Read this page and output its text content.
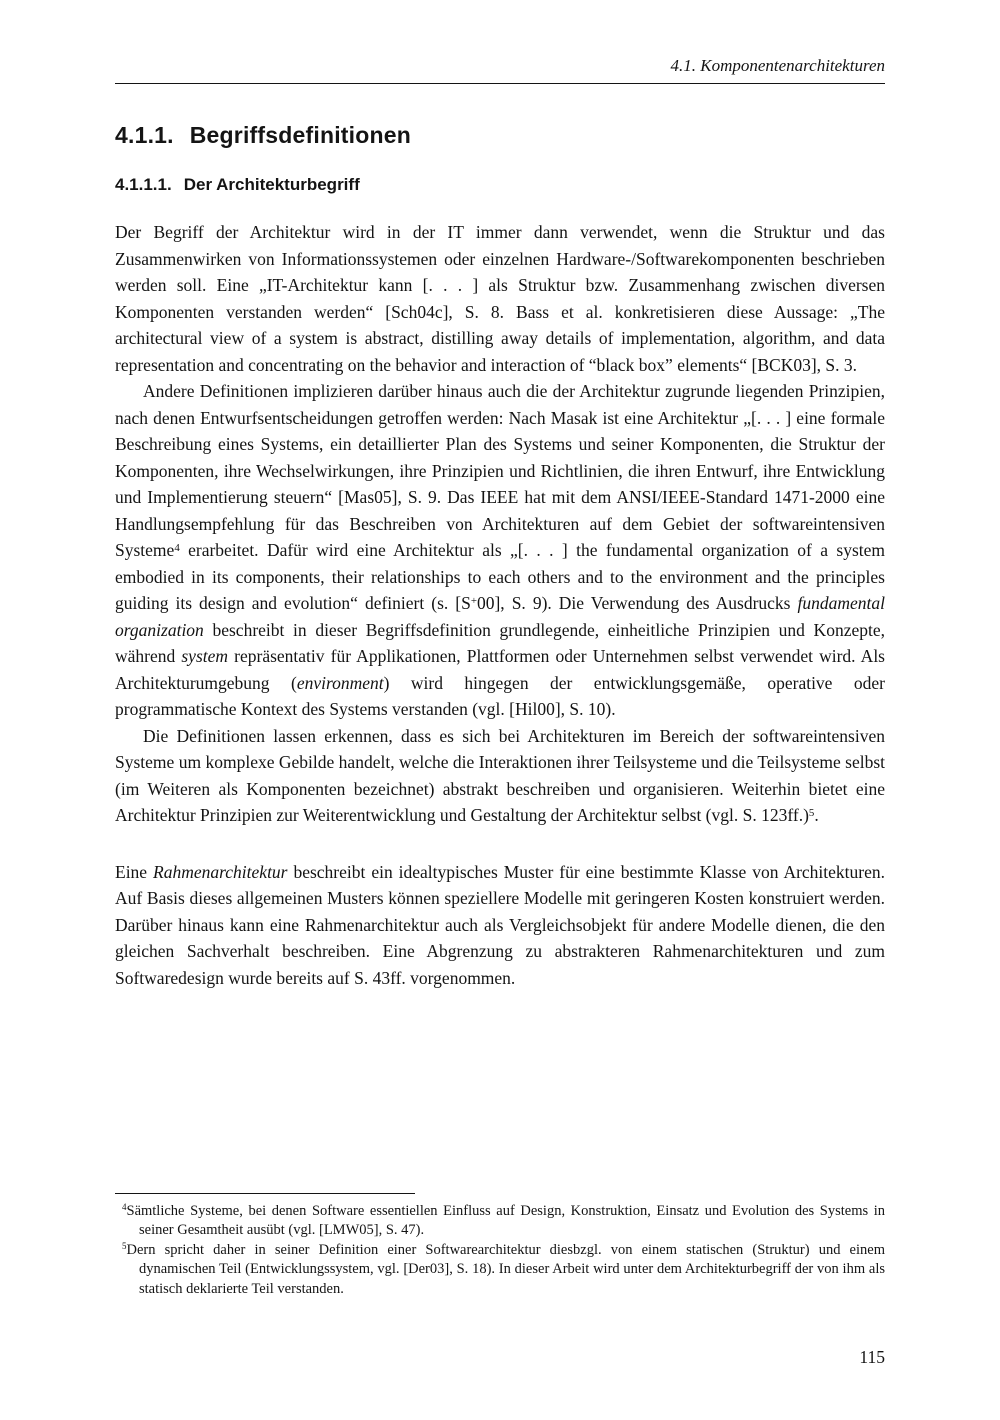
4.1. Komponentenarchitekturen
4.1.1. Begriffsdefinitionen
4.1.1.1. Der Architekturbegriff

Der Begriff der Architektur wird in der IT immer dann verwendet, wenn die Struktur und das Zusammenwirken von Informationssystemen oder einzelnen Hardware-/Softwarekomponenten beschrieben werden soll. Eine „IT-Architektur kann [. . . ] als Struktur bzw. Zusammenhang zwischen diversen Komponenten verstanden werden“ [Sch04c], S. 8. Bass et al. konkretisieren diese Aussage: „The architectural view of a system is abstract, distilling away details of implementation, algorithm, and data representation and concentrating on the behavior and interaction of “black box” elements“ [BCK03], S. 3.

Andere Definitionen implizieren darüber hinaus auch die der Architektur zugrunde liegenden Prinzipien, nach denen Entwurfsentscheidungen getroffen werden: Nach Masak ist eine Architektur „[. . . ] eine formale Beschreibung eines Systems, ein detaillierter Plan des Systems und seiner Komponenten, die Struktur der Komponenten, ihre Wechselwirkungen, ihre Prinzipien und Richtlinien, die ihren Entwurf, ihre Entwicklung und Implementierung steuern“ [Mas05], S. 9. Das IEEE hat mit dem ANSI/IEEE-Standard 1471-2000 eine Handlungsempfehlung für das Beschreiben von Architekturen auf dem Gebiet der softwareintensiven Systeme$^4$ erarbeitet. Dafür wird eine Architektur als „[. . . ] the fundamental organization of a system embodied in its components, their relationships to each others and to the environment and the principles guiding its design and evolution“ definiert (s. [S+00], S. 9). Die Verwendung des Ausdrucks fundamental organization beschreibt in dieser Begriffsdefinition grundlegende, einheitliche Prinzipien und Konzepte, während system repräsentativ für Applikationen, Plattformen oder Unternehmen selbst verwendet wird. Als Architekturumgebung (environment) wird hingegen der entwicklungsgemäße, operative oder programmatische Kontext des Systems verstanden (vgl. [Hil00], S. 10).

Die Definitionen lassen erkennen, dass es sich bei Architekturen im Bereich der softwareintensiven Systeme um komplexe Gebilde handelt, welche die Interaktionen ihrer Teilsysteme und die Teilsysteme selbst (im Weiteren als Komponenten bezeichnet) abstrakt beschreiben und organisieren. Weiterhin bietet eine Architektur Prinzipien zur Weiterentwicklung und Gestaltung der Architektur selbst (vgl. S. 123ff.)$^5$.

Eine Rahmenarchitektur beschreibt ein idealtypisches Muster für eine bestimmte Klasse von Architekturen. Auf Basis dieses allgemeinen Musters können speziellere Modelle mit geringeren Kosten konstruiert werden. Darüber hinaus kann eine Rahmenarchitektur auch als Vergleichsobjekt für andere Modelle dienen, die den gleichen Sachverhalt beschreiben. Eine Abgrenzung zu abstrakteren Rahmenarchitekturen und zum Softwaredesign wurde bereits auf S. 43ff. vorgenommen.

$^4$Sämtliche Systeme, bei denen Software essentiellen Einfluss auf Design, Konstruktion, Einsatz und Evolution des Systems in seiner Gesamtheit ausübt (vgl. [LMW05], S. 47).

$^5$Dern spricht daher in seiner Definition einer Softwarearchitektur diesbzgl. von einem statischen (Struktur) und einem dynamischen Teil (Entwicklungssystem, vgl. [Der03], S. 18). In dieser Arbeit wird unter dem Architekturbegriff der von ihm als statisch deklarierte Teil verstanden.

115
